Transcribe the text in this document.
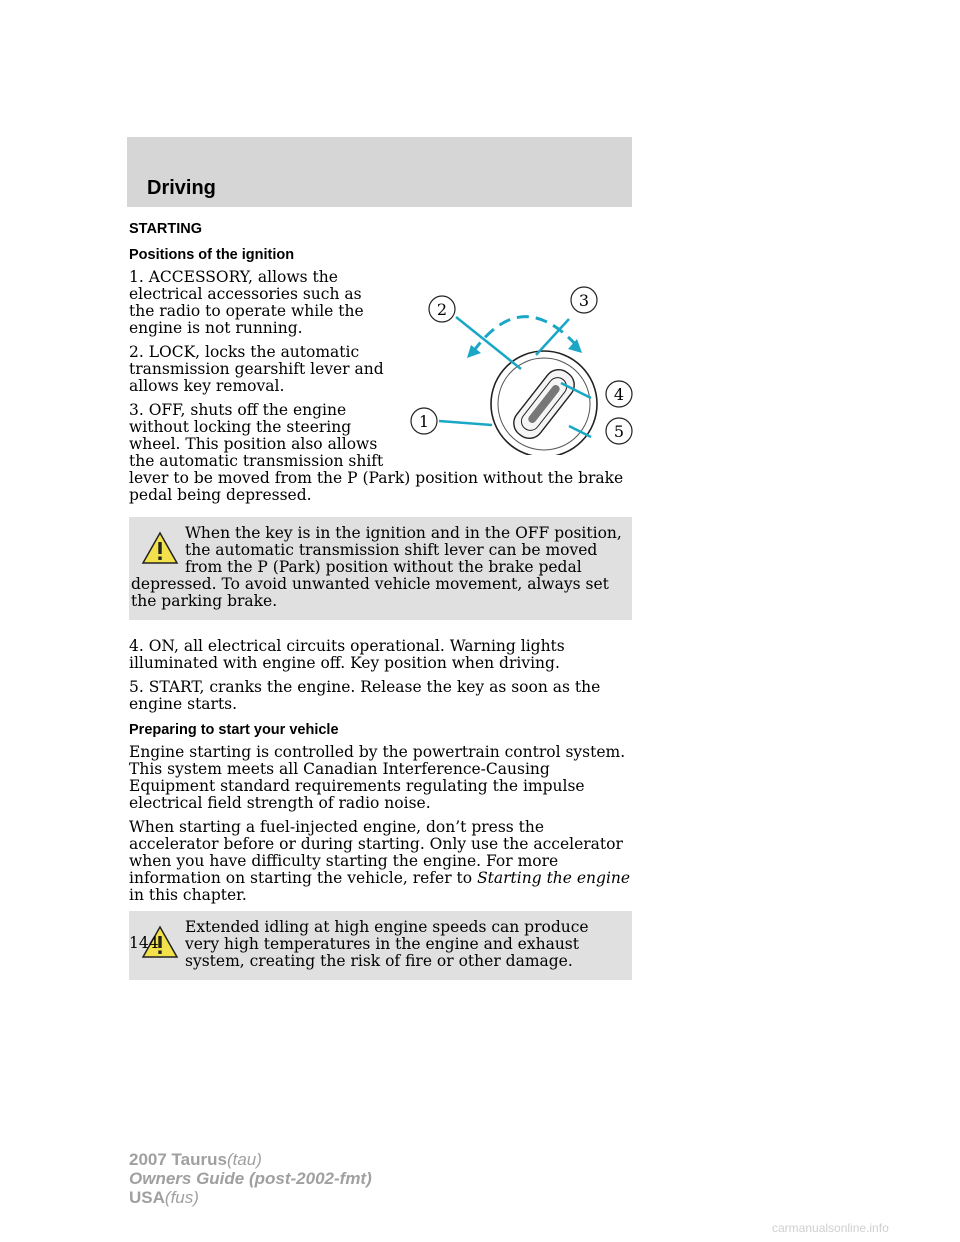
Driving
STARTING
Positions of the ignition
2	3
4
5
1

1. ACCESSORY, allows the electrical accessories such as the radio to operate while the engine is not running.

2. LOCK, locks the automatic transmission gearshift lever and allows key removal.

3. OFF, shuts off the engine without locking the steering wheel. This position also allows the automatic transmission shift lever to be moved from the P (Park) position without the brake pedal being depressed.

When the key is in the ignition and in the OFF position, the automatic transmission shift lever can be moved from the P (Park) position without the brake pedal depressed. To avoid unwanted vehicle movement, always set the parking brake.

4. ON, all electrical circuits operational. Warning lights illuminated with engine off. Key position when driving.

5. START, cranks the engine. Release the key as soon as the engine starts.

Preparing to start your vehicle

Engine starting is controlled by the powertrain control system. This system meets all Canadian Interference-Causing Equipment standard requirements regulating the impulse electrical field strength of radio noise.

When starting a fuel-injected engine, don’t press the accelerator before or during starting. Only use the accelerator when you have difficulty starting the engine. For more information on starting the vehicle, refer to Starting the engine in this chapter.

Extended idling at high engine speeds can produce very high temperatures in the engine and exhaust system, creating the risk of fire or other damage.
144
2007 Taurus(tau)
Owners Guide (post-2002-fmt)
USA(fus)
carmanualsonline.info
